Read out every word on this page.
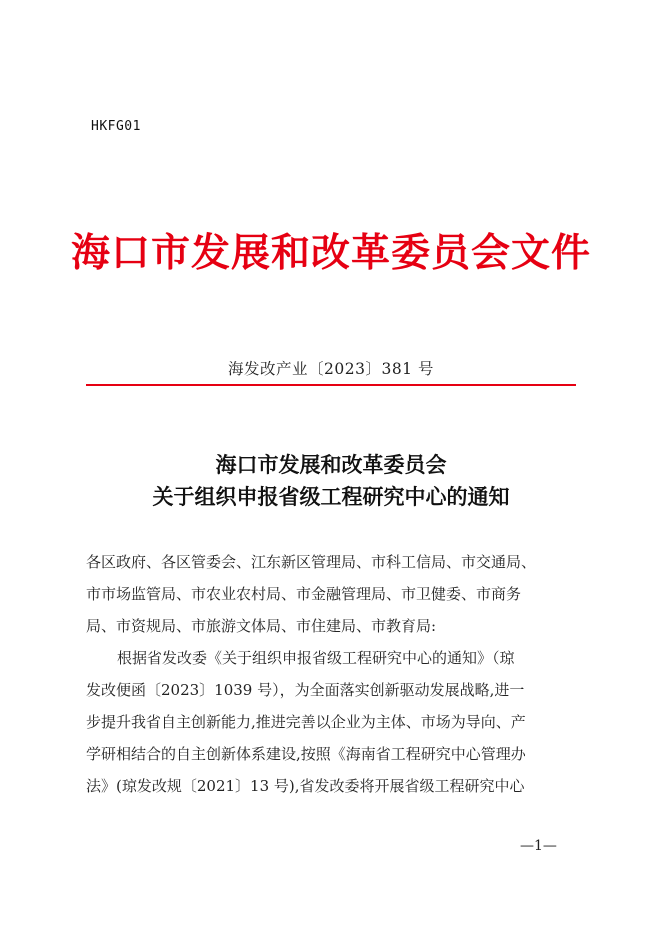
HKFG01
海口市发展和改革委员会文件
海发改产业〔2023〕381 号
海口市发展和改革委员会
关于组织申报省级工程研究中心的通知
各区政府、各区管委会、江东新区管理局、市科工信局、市交通局、
市市场监管局、市农业农村局、市金融管理局、市卫健委、市商务
局、市资规局、市旅游文体局、市住建局、市教育局:
根据省发改委《关于组织申报省级工程研究中心的通知》（琼
发改便函〔2023〕1039 号），为全面落实创新驱动发展战略,进一
步提升我省自主创新能力,推进完善以企业为主体、市场为导向、产
学研相结合的自主创新体系建设,按照《海南省工程研究中心管理办
法》(琼发改规〔2021〕13 号),省发改委将开展省级工程研究中心
—1—
